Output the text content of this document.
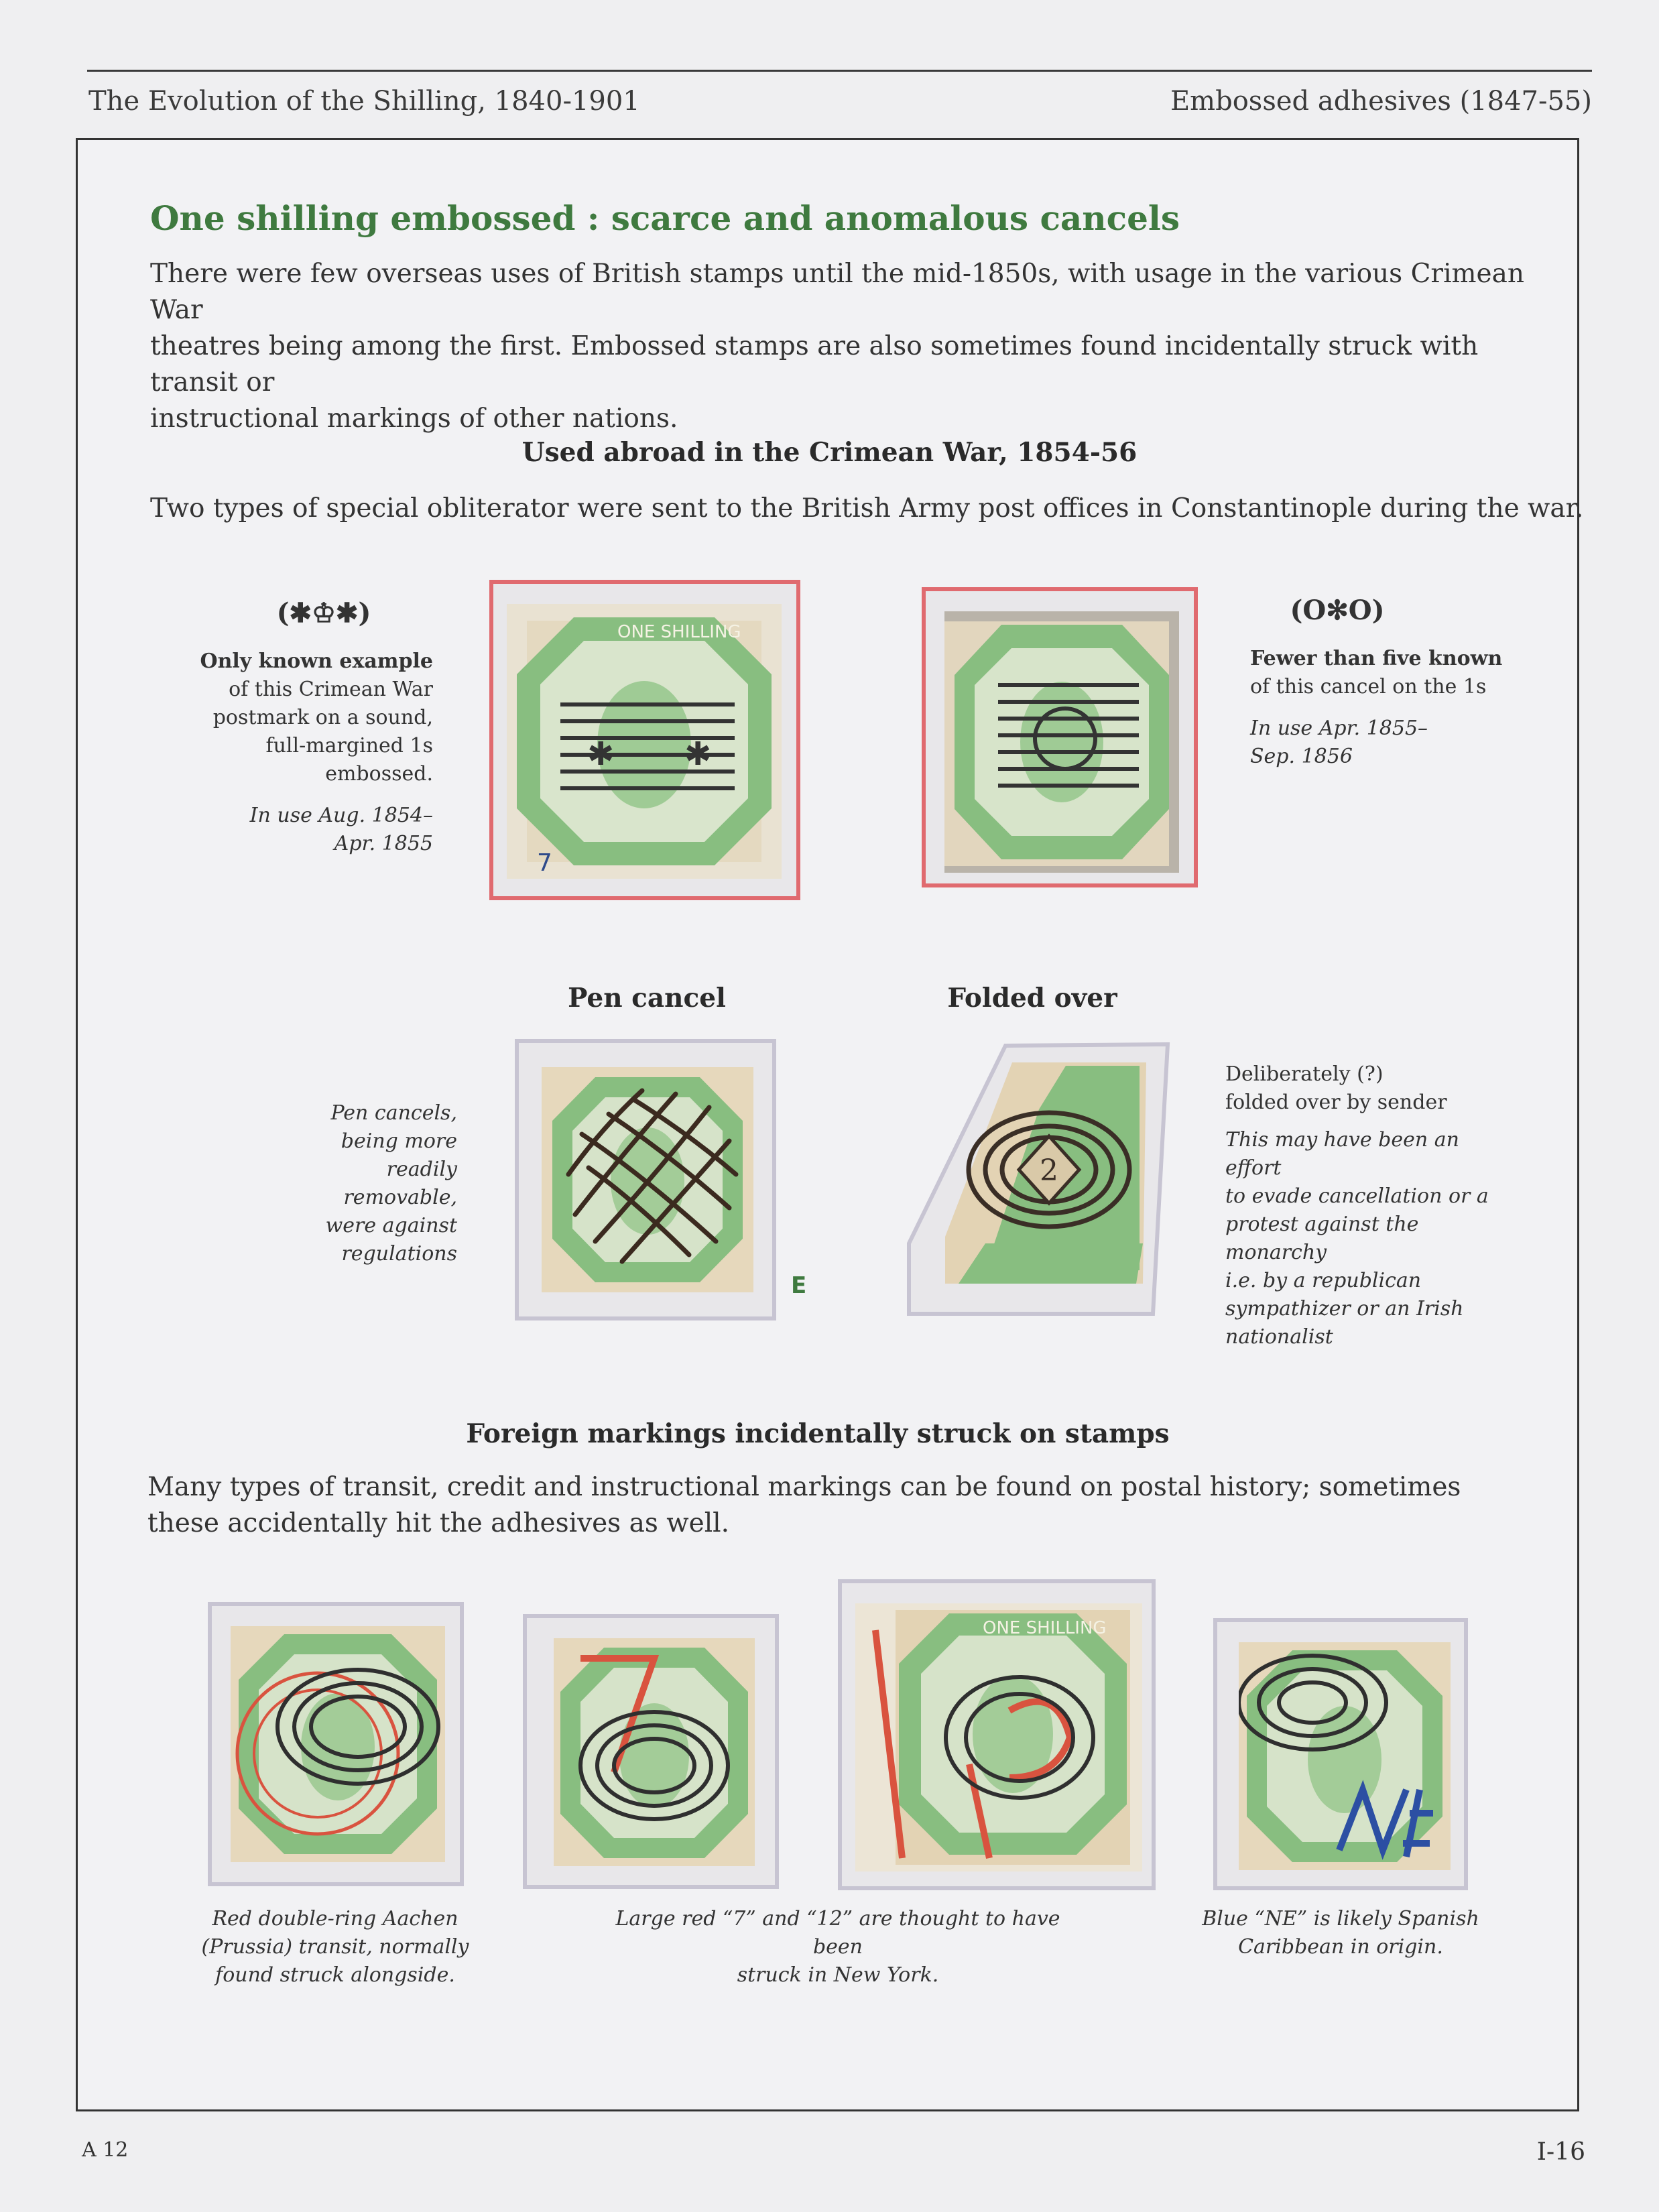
The Evolution of the Shilling, 1840-1901	Embossed adhesives (1847-55)
One shilling embossed : scarce and anomalous cancels
There were few overseas uses of British stamps until the mid-1850s, with usage in the various Crimean War
theatres being among the first. Embossed stamps are also sometimes found incidentally struck with transit or
instructional markings of other nations.
Used abroad in the Crimean War, 1854-56
Two types of special obliterator were sent to the British Army post offices in Constantinople during the war.
(✱♔✱)
Only known example
of this Crimean War
postmark on a sound,
full-margined 1s
embossed.
In use Aug. 1854–
Apr. 1855
ONE SHILLING
✱
✱
7
(O✻O)
Fewer than five known
of this cancel on the 1s
In use Apr. 1855–
Sep. 1856
Pen cancel
Pen cancels,
being more
readily
removable,
were against
regulations
E
Folded over
2
Deliberately (?)
folded over by sender
This may have been an effort
to evade cancellation or a
protest against the monarchy
i.e. by a republican
sympathizer or an Irish
nationalist
Foreign markings incidentally struck on stamps
Many types of transit, credit and instructional markings can be found on postal history; sometimes
these accidentally hit the adhesives as well.
ONE SHILLING
Red double-ring Aachen
(Prussia) transit, normally
found struck alongside.
Large red “7” and “12” are thought to have been
struck in New York.
Blue “NE” is likely Spanish
Caribbean in origin.
A 12	I-16
